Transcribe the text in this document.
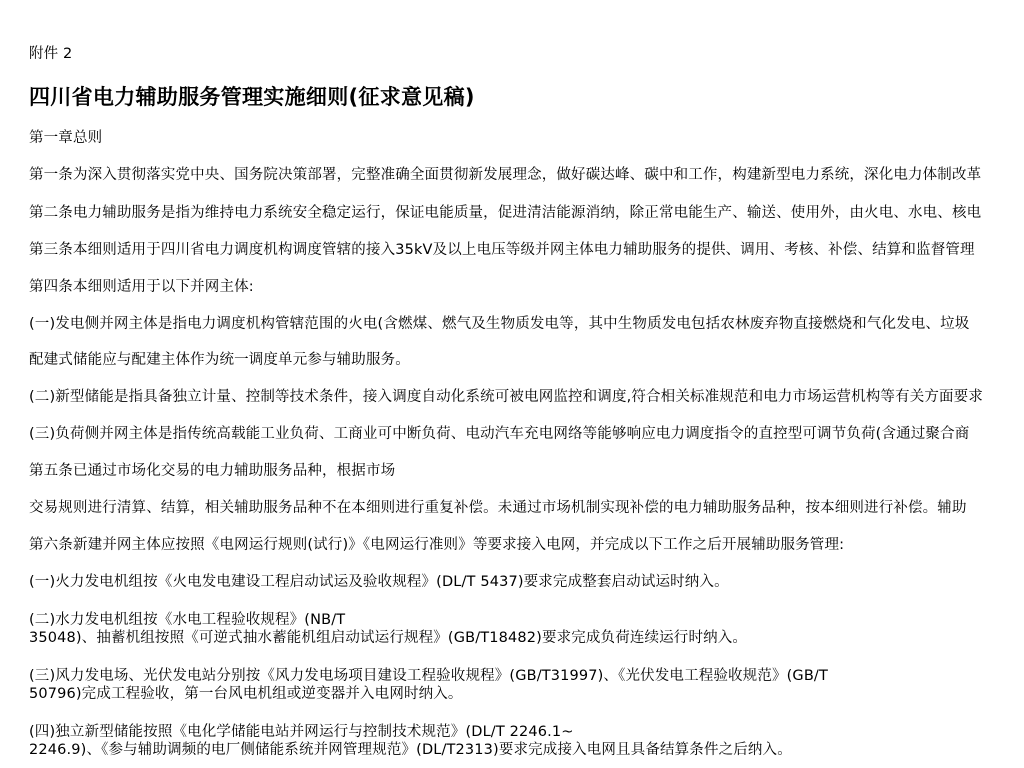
附件 2
四川省电力辅助服务管理实施细则(征求意见稿)
第一章总则
第一条为深入贯彻落实党中央、国务院决策部署，完整准确全面贯彻新发展理念，做好碳达峰、碳中和工作，构建新型电力系统，深化电力体制改革
第二条电力辅助服务是指为维持电力系统安全稳定运行，保证电能质量，促进清洁能源消纳，除正常电能生产、输送、使用外，由火电、水电、核电
第三条本细则适用于四川省电力调度机构调度管辖的接入35kV及以上电压等级并网主体电力辅助服务的提供、调用、考核、补偿、结算和监督管理
第四条本细则适用于以下并网主体:
(一)发电侧并网主体是指电力调度机构管辖范围的火电(含燃煤、燃气及生物质发电等，其中生物质发电包括农林废弃物直接燃烧和气化发电、垃圾
配建式储能应与配建主体作为统一调度单元参与辅助服务。
(二)新型储能是指具备独立计量、控制等技术条件，接入调度自动化系统可被电网监控和调度,符合相关标准规范和电力市场运营机构等有关方面要求
(三)负荷侧并网主体是指传统高载能工业负荷、工商业可中断负荷、电动汽车充电网络等能够响应电力调度指令的直控型可调节负荷(含通过聚合商
第五条已通过市场化交易的电力辅助服务品种，根据市场
交易规则进行清算、结算，相关辅助服务品种不在本细则进行重复补偿。未通过市场机制实现补偿的电力辅助服务品种，按本细则进行补偿。辅助
第六条新建并网主体应按照《电网运行规则(试行)》《电网运行准则》等要求接入电网，并完成以下工作之后开展辅助服务管理:
(一)火力发电机组按《火电发电建设工程启动试运及验收规程》(DL/T 5437)要求完成整套启动试运时纳入。
(二)水力发电机组按《水电工程验收规程》(NB/T
35048)、抽蓄机组按照《可逆式抽水蓄能机组启动试运行规程》(GB/T18482)要求完成负荷连续运行时纳入。
(三)风力发电场、光伏发电站分别按《风力发电场项目建设工程验收规程》(GB/T31997)、《光伏发电工程验收规范》(GB/T
50796)完成工程验收，第一台风电机组或逆变器并入电网时纳入。
(四)独立新型储能按照《电化学储能电站并网运行与控制技术规范》(DL/T 2246.1~
2246.9)、《参与辅助调频的电厂侧储能系统并网管理规范》(DL/T2313)要求完成接入电网且具备结算条件之后纳入。
